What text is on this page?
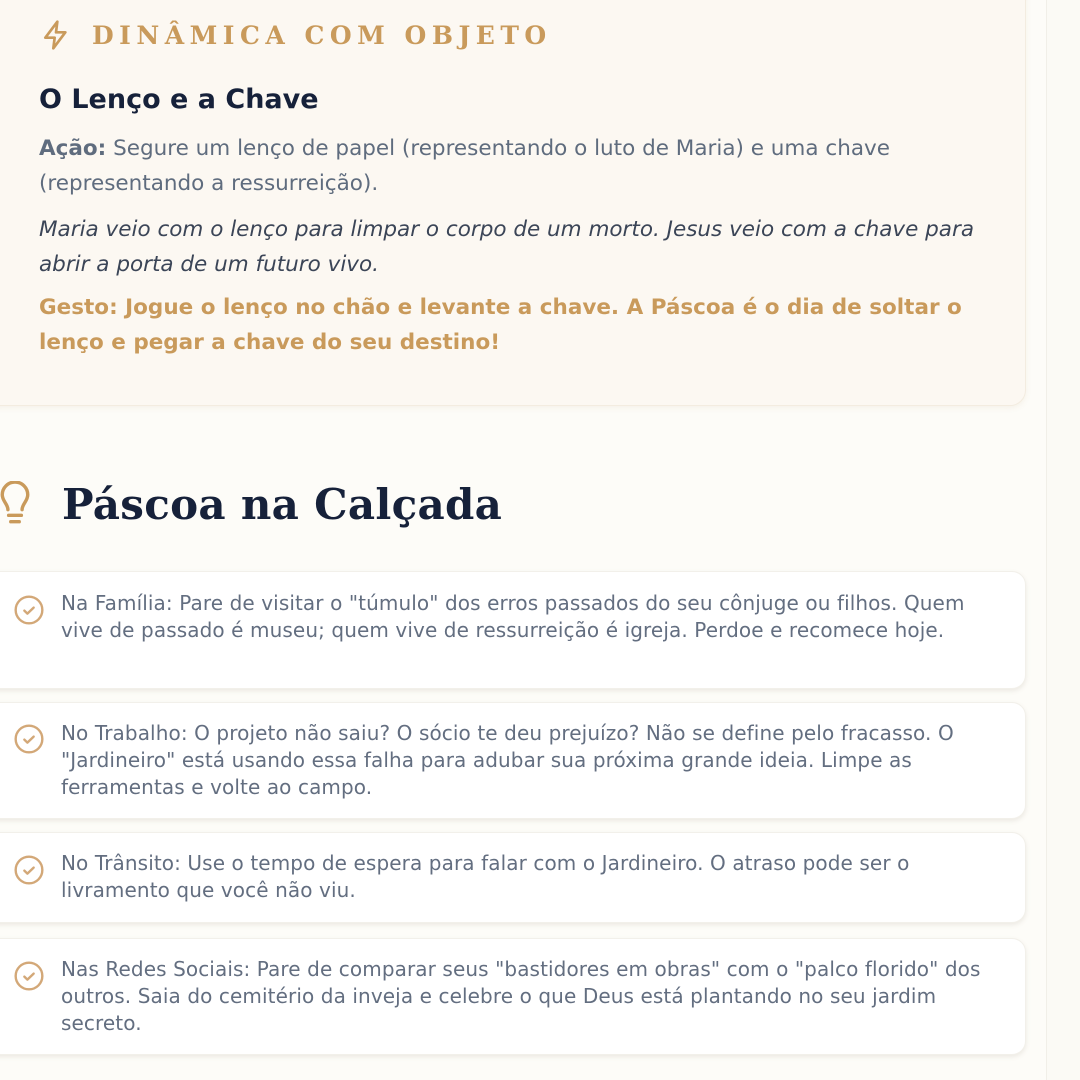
DINÂMICA COM OBJETO
O Lenço e a Chave

Ação: Segure um lenço de papel (representando o luto de Maria) e uma chave (representando a ressurreição).

Maria veio com o lenço para limpar o corpo de um morto. Jesus veio com a chave para abrir a porta de um futuro vivo.

Gesto: Jogue o lenço no chão e levante a chave. A Páscoa é o dia de soltar o lenço e pegar a chave do seu destino!

Páscoa na Calçada

Na Família: Pare de visitar o "túmulo" dos erros passados do seu cônjuge ou filhos. Quem vive de passado é museu; quem vive de ressurreição é igreja. Perdoe e recomece hoje.

No Trabalho: O projeto não saiu? O sócio te deu prejuízo? Não se define pelo fracasso. O "Jardineiro" está usando essa falha para adubar sua próxima grande ideia. Limpe as ferramentas e volte ao campo.

No Trânsito: Use o tempo de espera para falar com o Jardineiro. O atraso pode ser o livramento que você não viu.

Nas Redes Sociais: Pare de comparar seus "bastidores em obras" com o "palco florido" dos outros. Saia do cemitério da inveja e celebre o que Deus está plantando no seu jardim secreto.
